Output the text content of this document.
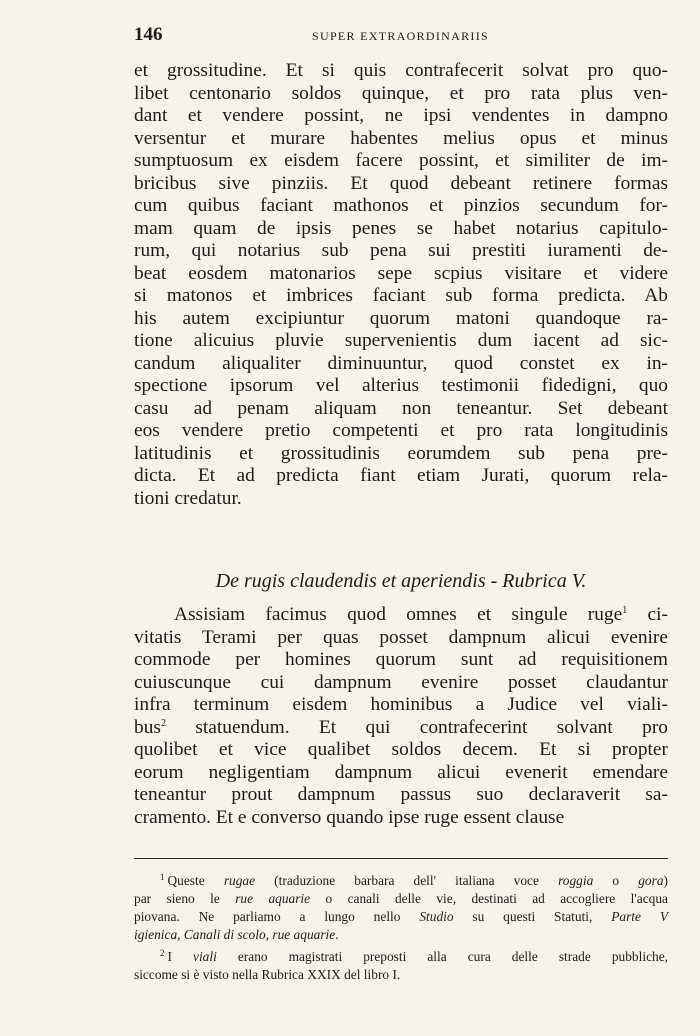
146	SUPER EXTRAORDINARIIS
et grossitudine. Et si quis contrafecerit solvat pro quo-
libet centonario soldos quinque, et pro rata plus ven-
dant et vendere possint, ne ipsi vendentes in dampno
versentur et murare habentes melius opus et minus
sumptuosum ex eisdem facere possint, et similiter de im-
bricibus sive pinziis. Et quod debeant retinere formas
cum quibus faciant mathonos et pinzios secundum for-
mam quam de ipsis penes se habet notarius capitulo-
rum, qui notarius sub pena sui prestiti iuramenti de-
beat eosdem matonarios sepe scpius visitare et videre
si matonos et imbrices faciant sub forma predicta. Ab
his autem excipiuntur quorum matoni quandoque ra-
tione alicuius pluvie supervenientis dum iacent ad sic-
candum aliqualiter diminuuntur, quod constet ex in-
spectione ipsorum vel alterius testimonii fidedigni, quo
casu ad penam aliquam non teneantur. Set debeant
eos vendere pretio competenti et pro rata longitudinis
latitudinis et grossitudinis eorumdem sub pena pre-
dicta. Et ad predicta fiant etiam Jurati, quorum rela-
tioni credatur.
De rugis claudendis et aperiendis - Rubrica V.
Assisiam facimus quod omnes et singule ruge$^1$ ci-
vitatis Terami per quas posset dampnum alicui evenire
commode per homines quorum sunt ad requisitionem
cuiuscunque cui dampnum evenire posset claudantur
infra terminum eisdem hominibus a Judice vel viali-
bus$^2$ statuendum. Et qui contrafecerint solvant pro
quolibet et vice qualibet soldos decem. Et si propter
eorum negligentiam dampnum alicui evenerit emendare
teneantur prout dampnum passus suo declaraverit sa-
cramento. Et e converso quando ipse ruge essent clause
$^1$ Queste rugae (traduzione barbara dell' italiana voce roggia o gora)
par sieno le rue aquarie o canali delle vie, destinati ad accogliere l'acqua
piovana. Ne parliamo a lungo nello Studio su questi Statuti, Parte V
igienica, Canali di scolo, rue aquarie.
$^2$ I viali erano magistrati preposti alla cura delle strade pubbliche,
siccome si è visto nella Rubrica XXIX del libro I.
